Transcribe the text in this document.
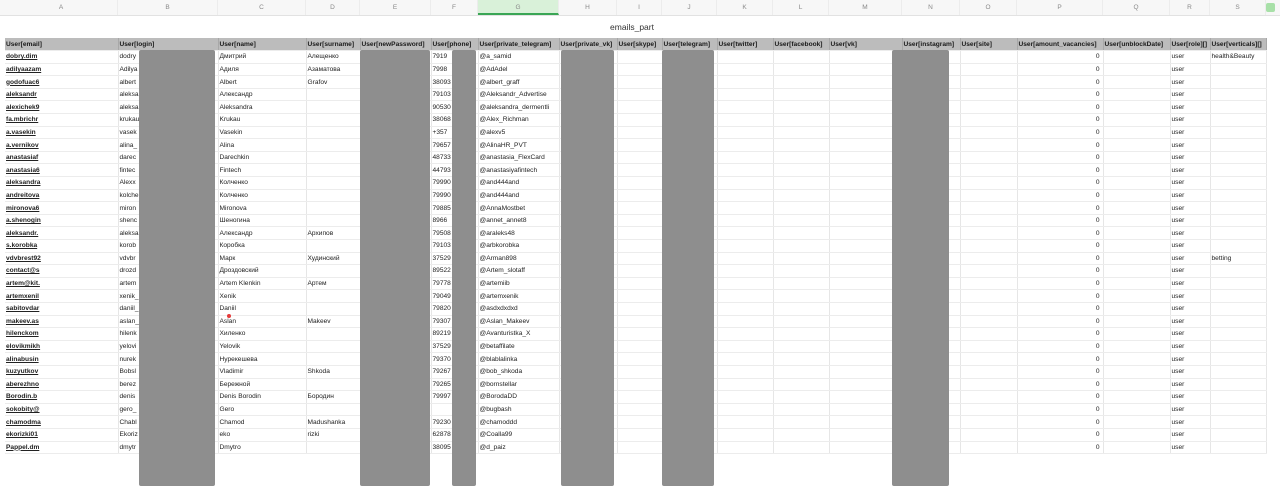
A	B	C	D	E	F	G	H	I	J	K	L	M	N	O	P	Q	R	S
emails_part
User[email]	User[login]	User[name]	User[surname]	User[newPassword]	User[phone]	User[private_telegram]	User[private_vk]	User[skype]	User[telegram]	User[twitter]	User[facebook]	User[vk]	User[instagram]	User[site]	User[amount_vacancies]	User[unblockDate]	User[role][]	User[verticals][]
dobry.dim	dodry	Дмитрий	Алещенко		7919	@a_samid									0		user	health&Beauty
adilyaazam	Adilya	Адиля	Азаматова		7998	@AdAdel									0		user	
godofuac6	albert	Albert	Grafov		38093	@albert_graff									0		user	
aleksandr	aleksa	Александр			79103	@Aleksandr_Advertise									0		user	
alexichek9	aleksa	Aleksandra			90530	@aleksandra_dermentli									0		user	
fa.mbrichr	krukau	Krukau			38068	@Alex_Richman									0		user	
a.vasekin	vasek	Vasekin			+357	@alexv5									0		user	
a.vernikov	alina_	Alina			79657	@AlinaHR_PVT									0		user	
anastasiaf	darec	Darechkin			48733	@anastasia_FlexCard									0		user	
anastasia6	fintec	Fintech			44793	@anastasiyafintech									0		user	
aleksandra	Alexx	Колченко			79990	@and444and									0		user	
andreitova	kolche	Колченко			79990	@and444and									0		user	
mironova6	miron	Mironova			79885	@AnnaMostbet									0		user	
a.shenogin	shenc	Шеногина			8966	@annet_annet8									0		user	
aleksandr.	aleksa	Александр	Архипов		79508	@araleks48									0		user	
s.korobka	korob	Коробка			79103	@arbkorobka									0		user	
vdvbrest92	vdvbr	Марк	Худинский		37529	@Arman898									0		user	betting
contact@s	drozd	Дроздовский			89522	@Artem_slotaff									0		user	
artem@kit.	artem	Artem Klenkin	Артем		79778	@artemiib									0		user	
artemxenil	xenik_	Xenik			79049	@artemxenik									0		user	
sabitovdar	daniil_	Daniil			79820	@asdxdxdxd									0		user	
makeev.as	aslan_	Aslan	Makeev		79307	@Aslan_Makeev									0		user	
hilenckom	hilenk	Хиленко			89219	@Avanturistka_X									0		user	
elovikmikh	yelovi	Yelovik			37529	@betaffilate									0		user	
alinabusin	nurek	Нурекешева			79370	@blablalinka									0		user	
kuzyutkov	Bobsl	Vladimir	Shkoda		79267	@bob_shkoda									0		user	
aberezhno	berez	Бережной			79265	@bornstellar									0		user	
Borodin.b	denis	Denis Borodin	Бородин		79997	@BorodaDD									0		user	
sokobity@	gero_	Gero				@bugbash									0		user	
chamodma	Chabl	Chamod	Madushanka		79230	@chamoddd									0		user	
ekorizki01	Ekoriz	eko	rizki		62878	@Coalla99									0		user	
Pappel.dm	dmytr	Dmytro			38095	@d_paiz									0		user	
